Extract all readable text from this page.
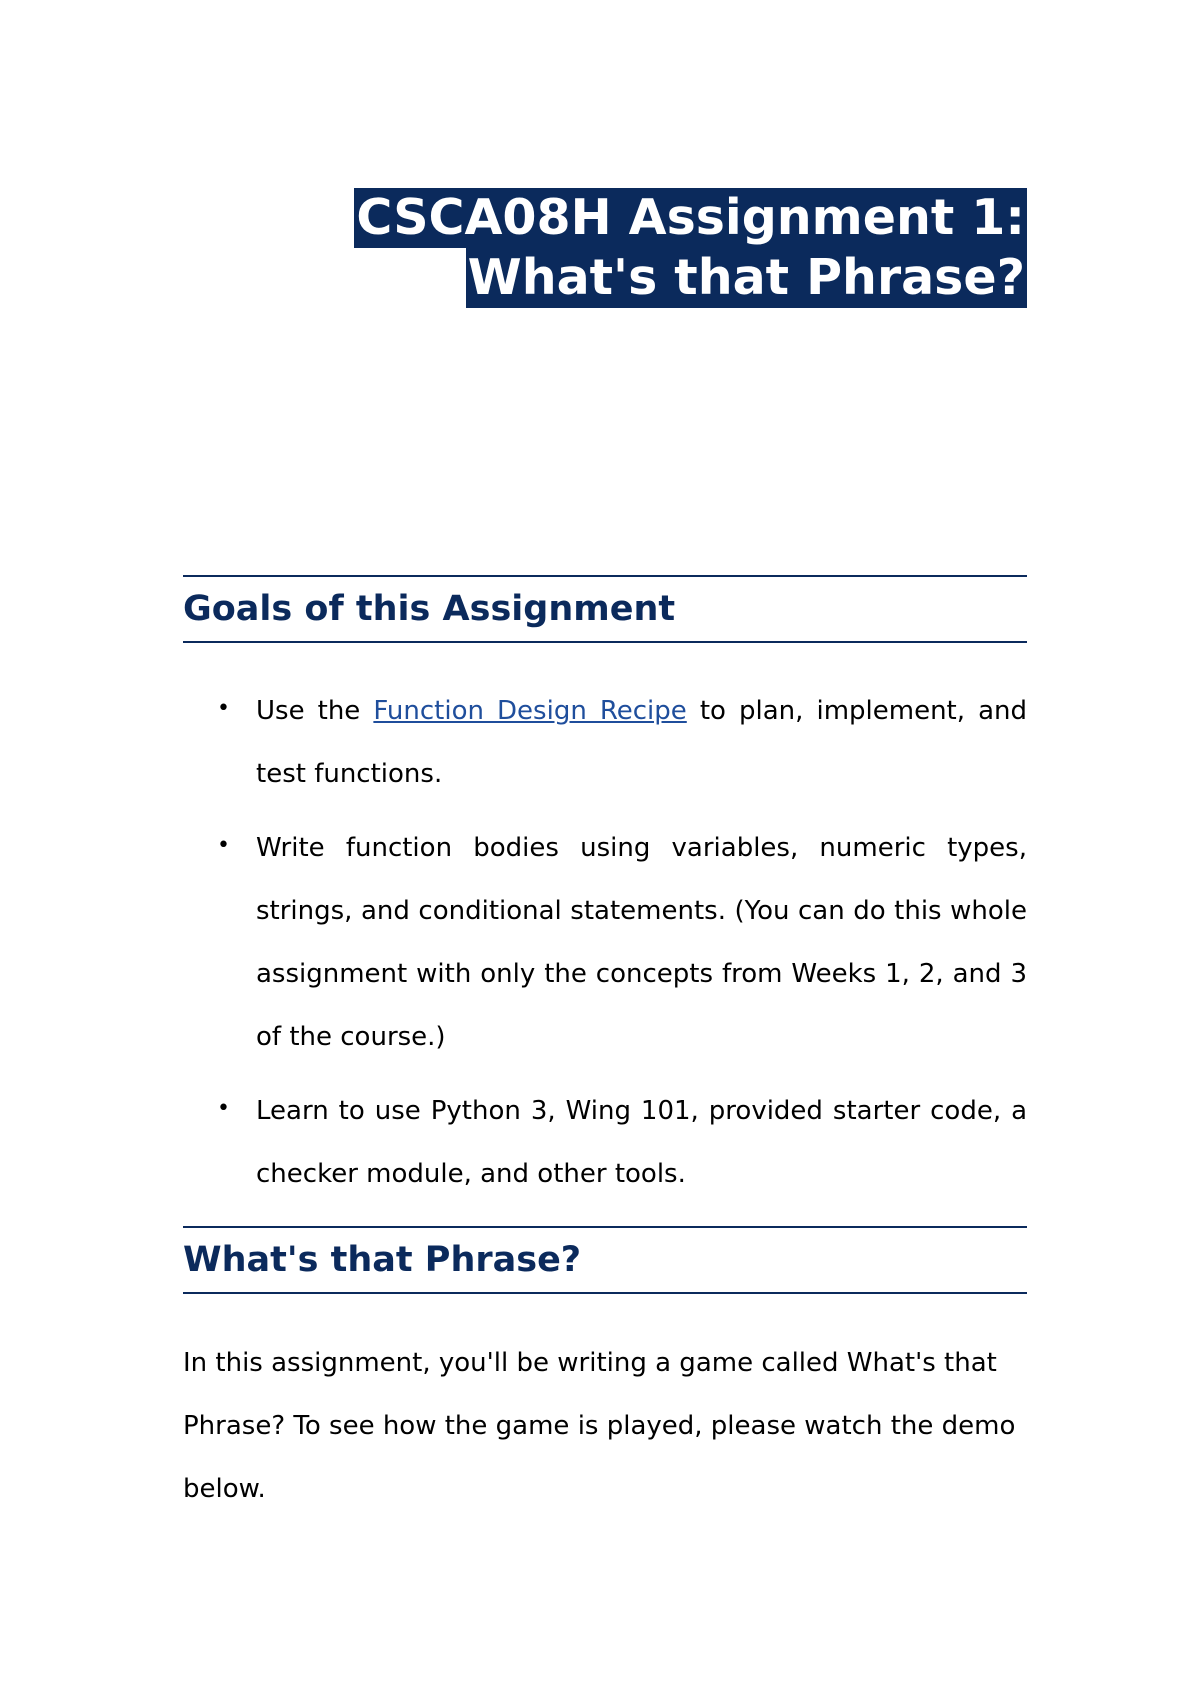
CSCA08H Assignment 1:
What's that Phrase?
Goals of this Assignment
• Use the Function Design Recipe to plan, implement, and test functions.
• Write function bodies using variables, numeric types, strings, and conditional statements. (You can do this whole assignment with only the concepts from Weeks 1, 2, and 3 of the course.)
• Learn to use Python 3, Wing 101, provided starter code, a checker module, and other tools.
What's that Phrase?

In this assignment, you'll be writing a game called What's that Phrase? To see how the game is played, please watch the demo below.
